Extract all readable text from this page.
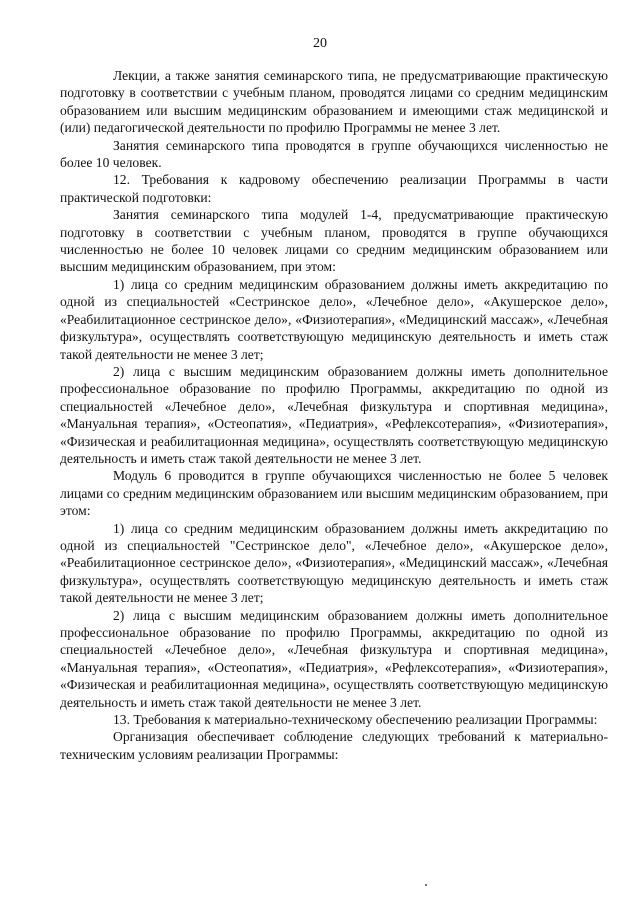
20

Лекции, а также занятия семинарского типа, не предусматривающие практическую подготовку в соответствии с учебным планом, проводятся лицами со средним медицинским образованием или высшим медицинским образованием и имеющими стаж медицинской и (или) педагогической деятельности по профилю Программы не менее 3 лет.

Занятия семинарского типа проводятся в группе обучающихся численностью не более 10 человек.

12. Требования к кадровому обеспечению реализации Программы в части практической подготовки:

Занятия семинарского типа модулей 1-4, предусматривающие практическую подготовку в соответствии с учебным планом, проводятся в группе обучающихся численностью не более 10 человек лицами со средним медицинским образованием или высшим медицинским образованием, при этом:

1) лица со средним медицинским образованием должны иметь аккредитацию по одной из специальностей «Сестринское дело», «Лечебное дело», «Акушерское дело», «Реабилитационное сестринское дело», «Физиотерапия», «Медицинский массаж», «Лечебная физкультура», осуществлять соответствующую медицинскую деятельность и иметь стаж такой деятельности не менее 3 лет;

2) лица с высшим медицинским образованием должны иметь дополнительное профессиональное образование по профилю Программы, аккредитацию по одной из специальностей «Лечебное дело», «Лечебная физкультура и спортивная медицина», «Мануальная терапия», «Остеопатия», «Педиатрия», «Рефлексотерапия», «Физиотерапия», «Физическая и реабилитационная медицина», осуществлять соответствующую медицинскую деятельность и иметь стаж такой деятельности не менее 3 лет.

Модуль 6 проводится в группе обучающихся численностью не более 5 человек лицами со средним медицинским образованием или высшим медицинским образованием, при этом:

1) лица со средним медицинским образованием должны иметь аккредитацию по одной из специальностей "Сестринское дело", «Лечебное дело», «Акушерское дело», «Реабилитационное сестринское дело», «Физиотерапия», «Медицинский массаж», «Лечебная физкультура», осуществлять соответствующую медицинскую деятельность и иметь стаж такой деятельности не менее 3 лет;

2) лица с высшим медицинским образованием должны иметь дополнительное профессиональное образование по профилю Программы, аккредитацию по одной из специальностей «Лечебное дело», «Лечебная физкультура и спортивная медицина», «Мануальная терапия», «Остеопатия», «Педиатрия», «Рефлексотерапия», «Физиотерапия», «Физическая и реабилитационная медицина», осуществлять соответствующую медицинскую деятельность и иметь стаж такой деятельности не менее 3 лет.

13. Требования к материально-техническому обеспечению реализации Программы:

Организация обеспечивает соблюдение следующих требований к материально-техническим условиям реализации Программы:
